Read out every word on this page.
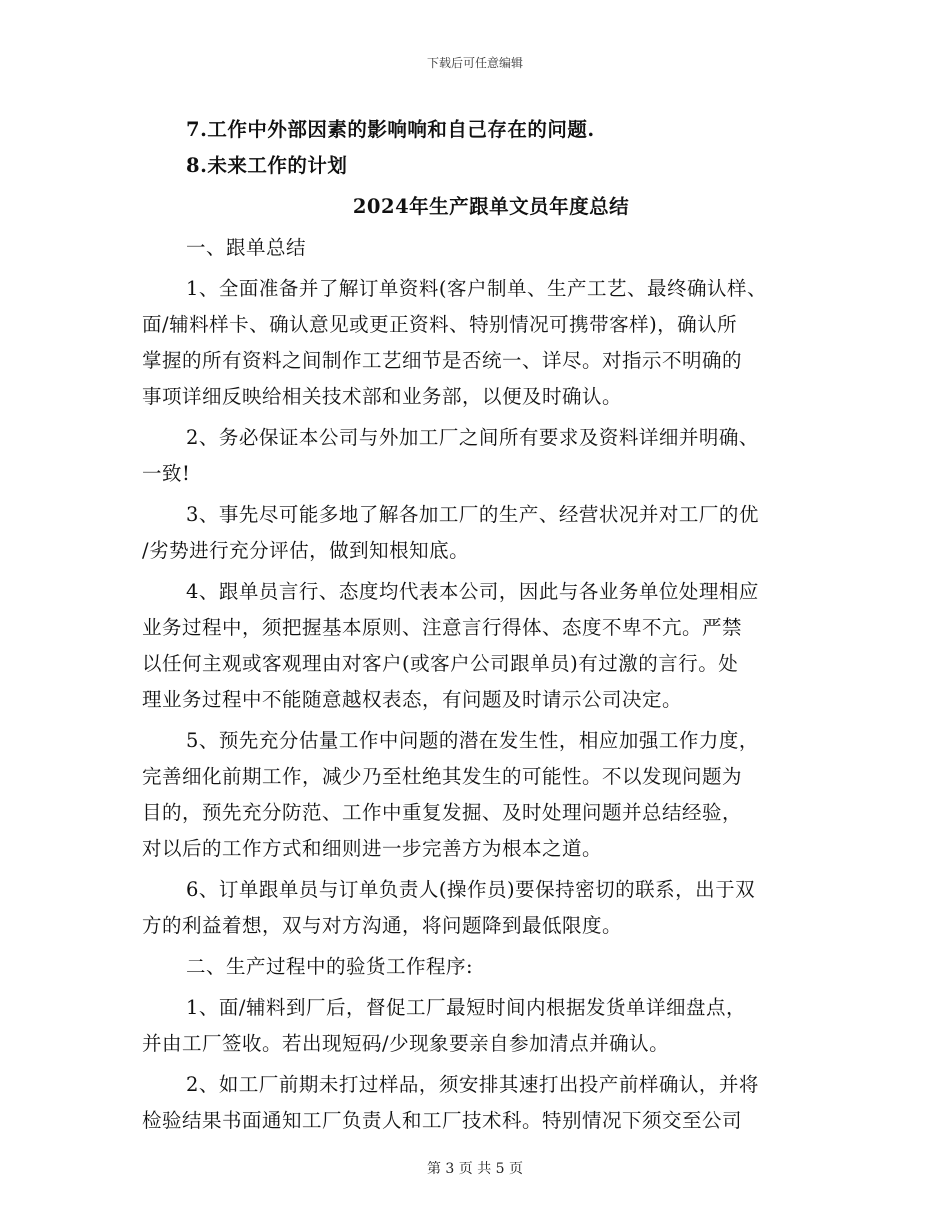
下载后可任意编辑
7.工作中外部因素的影响响和自己存在的问题.
8.未来工作的计划
2024年生产跟单文员年度总结
一、跟单总结
1、全面准备并了解订单资料(客户制单、生产工艺、最终确认样、
面/辅料样卡、确认意见或更正资料、特别情况可携带客样)，确认所
掌握的所有资料之间制作工艺细节是否统一、详尽。对指示不明确的
事项详细反映给相关技术部和业务部，以便及时确认。
2、务必保证本公司与外加工厂之间所有要求及资料详细并明确、
一致!
3、事先尽可能多地了解各加工厂的生产、经营状况并对工厂的优
/劣势进行充分评估，做到知根知底。
4、跟单员言行、态度均代表本公司，因此与各业务单位处理相应
业务过程中，须把握基本原则、注意言行得体、态度不卑不亢。严禁
以任何主观或客观理由对客户(或客户公司跟单员)有过激的言行。处
理业务过程中不能随意越权表态，有问题及时请示公司决定。
5、预先充分估量工作中问题的潜在发生性，相应加强工作力度，
完善细化前期工作，减少乃至杜绝其发生的可能性。不以发现问题为
目的，预先充分防范、工作中重复发掘、及时处理问题并总结经验，
对以后的工作方式和细则进一步完善方为根本之道。
6、订单跟单员与订单负责人(操作员)要保持密切的联系，出于双
方的利益着想，双与对方沟通，将问题降到最低限度。
二、生产过程中的验货工作程序:
1、面/辅料到厂后，督促工厂最短时间内根据发货单详细盘点，
并由工厂签收。若出现短码/少现象要亲自参加清点并确认。
2、如工厂前期未打过样品，须安排其速打出投产前样确认，并将
检验结果书面通知工厂负责人和工厂技术科。特别情况下须交至公司
第 3 页 共 5 页
